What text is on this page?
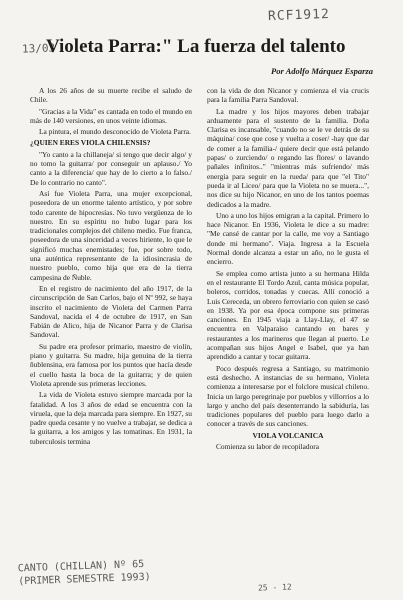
RCF1912
13/03
Violeta Parra:" La fuerza del talento
Por Adolfo Márquez Esparza

A los 26 años de su muerte recibe el saludo de Chile.

"Gracias a la Vida" es cantada en todo el mundo en más de 140 versiones, en unos veinte idiomas.

La pintura, el mundo desconocido de Violeta Parra.

¿QUIEN ERES VIOLA CHILENSIS?

"Yo canto a la chillaneja/ si tengo que decir algo/ y no tomo la guitarra/ por conseguir un aplauso./ Yo canto a la diferencia/ que hay de lo cierto a lo falso./ De lo contrario no canto".

Así fue Violeta Parra, una mujer excepcional, poseedora de un enorme talento artístico, y por sobre todo carente de hipocresías. No tuvo vergüenza de lo nuestro. En su espíritu no hubo lugar para los tradicionales complejos del chileno medio. Fue franca, poseedora de una sinceridad a veces hiriente, lo que le significó muchas enemistades; fue, por sobre todo, una auténtica representante de la idiosincrasia de nuestro pueblo, como hija que era de la tierra campesina de Ñuble.

En el registro de nacimiento del año 1917, de la circunscripción de San Carlos, bajo el Nº 992, se haya inscrito el nacimiento de Violeta del Carmen Parra Sandoval, nacida el 4 de octubre de 1917, en San Fabián de Alico, hija de Nicanor Parra y de Clarisa Sandoval.

Su padre era profesor primario, maestro de violín, piano y guitarra. Su madre, hija genuina de la tierra ñublensina, era famosa por los puntos que hacía desde el cuello hasta la boca de la guitarra; y de quien Violeta aprende sus primeras lecciones.

La vida de Violeta estuvo siempre marcada por la fatalidad. A los 3 años de edad se encuentra con la viruela, que la deja marcada para siempre. En 1927, su padre queda cesante y no vuelve a trabajar, se dedica a la guitarra, a los amigos y las tomatinas. En 1931, la tuberculosis termina

con la vida de don Nicanor y comienza el via crucis para la familia Parra Sandoval.

La madre y los hijos mayores deben trabajar arduamente para el sustento de la familia. Doña Clarisa es incansable, "cuando no se le ve detrás de su máquina/ cose que cose y vuelta a coser/ -hay que dar de comer a la familia-/ quiere decir que está pelando papas/ o zurciendo/ o regando las flores/ o lavando pañales infinitos.." "mientras más sufriendo/ más energía para seguir en la rueda/ para que "el Tito" pueda ir al Liceo/ para que la Violeta no se muera...", nos dice su hijo Nicanor, en uno de los tantos poemas dedicados a la madre.

Uno a uno los hijos emigran a la capital. Primero lo hace Nicanor. En 1936, Violeta le dice a su madre: "Me cansé de cantar por la calle, me voy a Santiago donde mi hermano". Viaja. Ingresa a la Escuela Normal donde alcanza a estar un año, no le gusta el encierro.

Se emplea como artista junto a su hermana Hilda en el restaurante El Tordo Azul, canta música popular, boleros, corridos, tonadas y cuecas. Allí conoció a Luis Cereceda, un obrero ferroviario con quien se casó en 1938. Ya por esa época compone sus primeras canciones. En 1945 viaja a Llay-Llay, el 47 se encuentra en Valparaíso cantando en bares y restaurantes a los marineros que llegan al puerto. Le acompañan sus hijos Angel e Isabel, que ya han aprendido a cantar y tocar guitarra.

Poco después regresa a Santiago, su matrimonio está deshecho. A instancias de su hermano, Violeta comienza a interesarse por el folclore musical chileno. Inicia un largo peregrinaje por pueblos y villorrios a lo largo y ancho del país desenterrando la sabiduría, las tradiciones populares del pueblo para luego darlo a conocer a través de sus canciones.

VIOLA VOLCANICA

Comienza su labor de recopiladora

CANTO (CHILLAN) Nº 65
(PRIMER SEMESTRE 1993)
25 - 12
